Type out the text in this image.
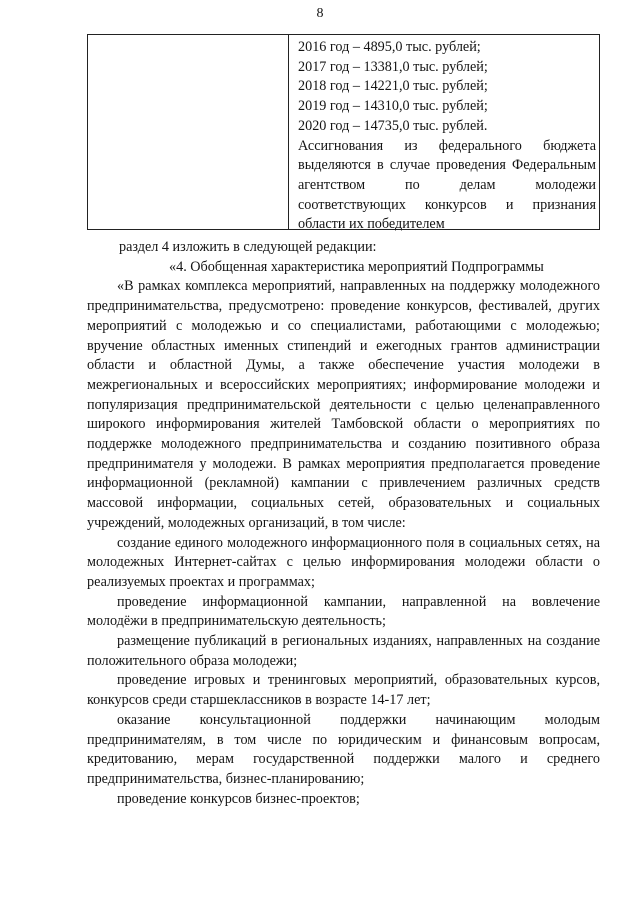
8
2016 год – 4895,0 тыс. рублей;
2017 год – 13381,0 тыс. рублей;
2018 год – 14221,0 тыс. рублей;
2019 год – 14310,0 тыс. рублей;
2020 год – 14735,0 тыс. рублей.
Ассигнования из федерального бюджета выделяются в случае проведения Федеральным агентством по делам молодежи соответствующих конкурсов и признания области их победителем

раздел 4 изложить в следующей редакции:

«4. Обобщенная характеристика мероприятий Подпрограммы

«В рамках комплекса мероприятий, направленных на поддержку молодежного предпринимательства, предусмотрено: проведение конкурсов, фестивалей, других мероприятий с молодежью и со специалистами, работающими с молодежью; вручение областных именных стипендий и ежегодных грантов администрации области и областной Думы, а также обеспечение участия молодежи в межрегиональных и всероссийских мероприятиях; информирование молодежи и популяризация предпринимательской деятельности с целью целенаправленного широкого информирования жителей Тамбовской области о мероприятиях по поддержке молодежного предпринимательства и созданию позитивного образа предпринимателя у молодежи. В рамках мероприятия предполагается проведение информационной (рекламной) кампании с привлечением различных средств массовой информации, социальных сетей, образовательных и социальных учреждений, молодежных организаций, в том числе:

создание единого молодежного информационного поля в социальных сетях, на молодежных Интернет-сайтах с целью информирования молодежи области о реализуемых проектах и программах;

проведение информационной кампании, направленной на вовлечение молодёжи в предпринимательскую деятельность;

размещение публикаций в региональных изданиях, направленных на создание положительного образа молодежи;

проведение игровых и тренинговых мероприятий, образовательных курсов, конкурсов среди старшеклассников в возрасте 14-17 лет;

оказание консультационной поддержки начинающим молодым предпринимателям, в том числе по юридическим и финансовым вопросам, кредитованию, мерам государственной поддержки малого и среднего предпринимательства, бизнес-планированию;

проведение конкурсов бизнес-проектов;
